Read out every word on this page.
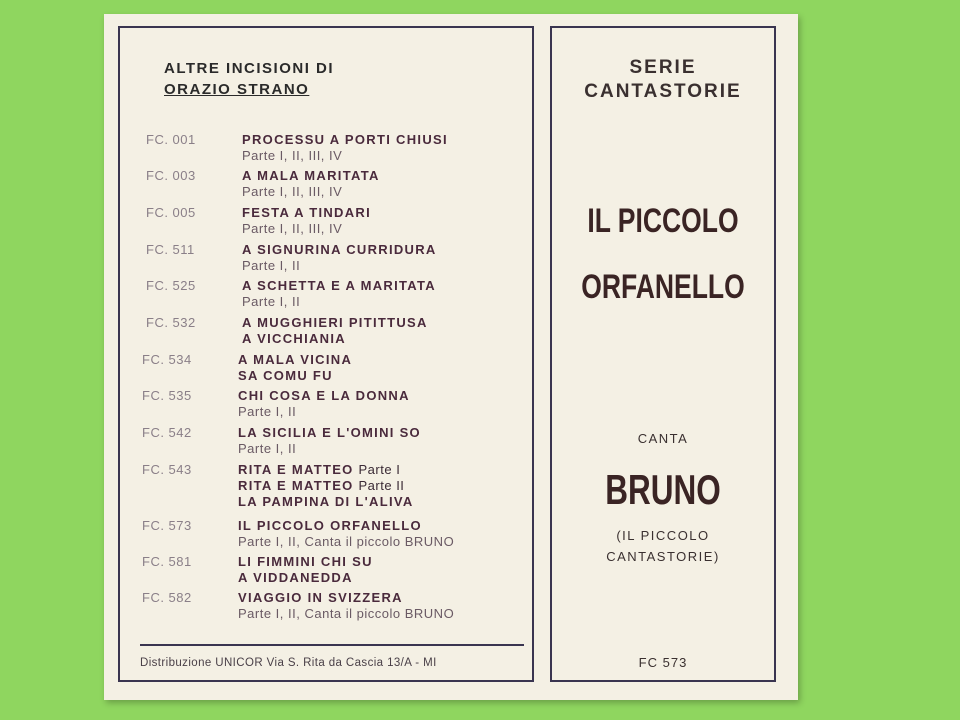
ALTRE INCISIONI DI
ORAZIO STRANO
FC. 001	PROCESSU A PORTI CHIUSI
Parte I, II, III, IV
FC. 003	A MALA MARITATA
Parte I, II, III, IV
FC. 005	FESTA A TINDARI
Parte I, II, III, IV
FC. 511	A SIGNURINA CURRIDURA
Parte I, II
FC. 525	A SCHETTA E A MARITATA
Parte I, II
FC. 532	A MUGGHIERI PITITTUSA
A VICCHIANIA
FC. 534	A MALA VICINA
SA COMU FU
FC. 535	CHI COSA E LA DONNA
Parte I, II
FC. 542	LA SICILIA E L'OMINI SO
Parte I, II
FC. 543	RITA E MATTEO Parte I
RITA E MATTEO Parte II
LA PAMPINA DI L'ALIVA
FC. 573	IL PICCOLO ORFANELLO
Parte I, II, Canta il piccolo BRUNO
FC. 581	LI FIMMINI CHI SU
A VIDDANEDDA
FC. 582	VIAGGIO IN SVIZZERA
Parte I, II, Canta il piccolo BRUNO
Distribuzione UNICOR Via S. Rita da Cascia 13/A - MI
SERIE
CANTASTORIE
IL PICCOLO
ORFANELLO
CANTA
BRUNO
(IL PICCOLO
CANTASTORIE)
FC 573
